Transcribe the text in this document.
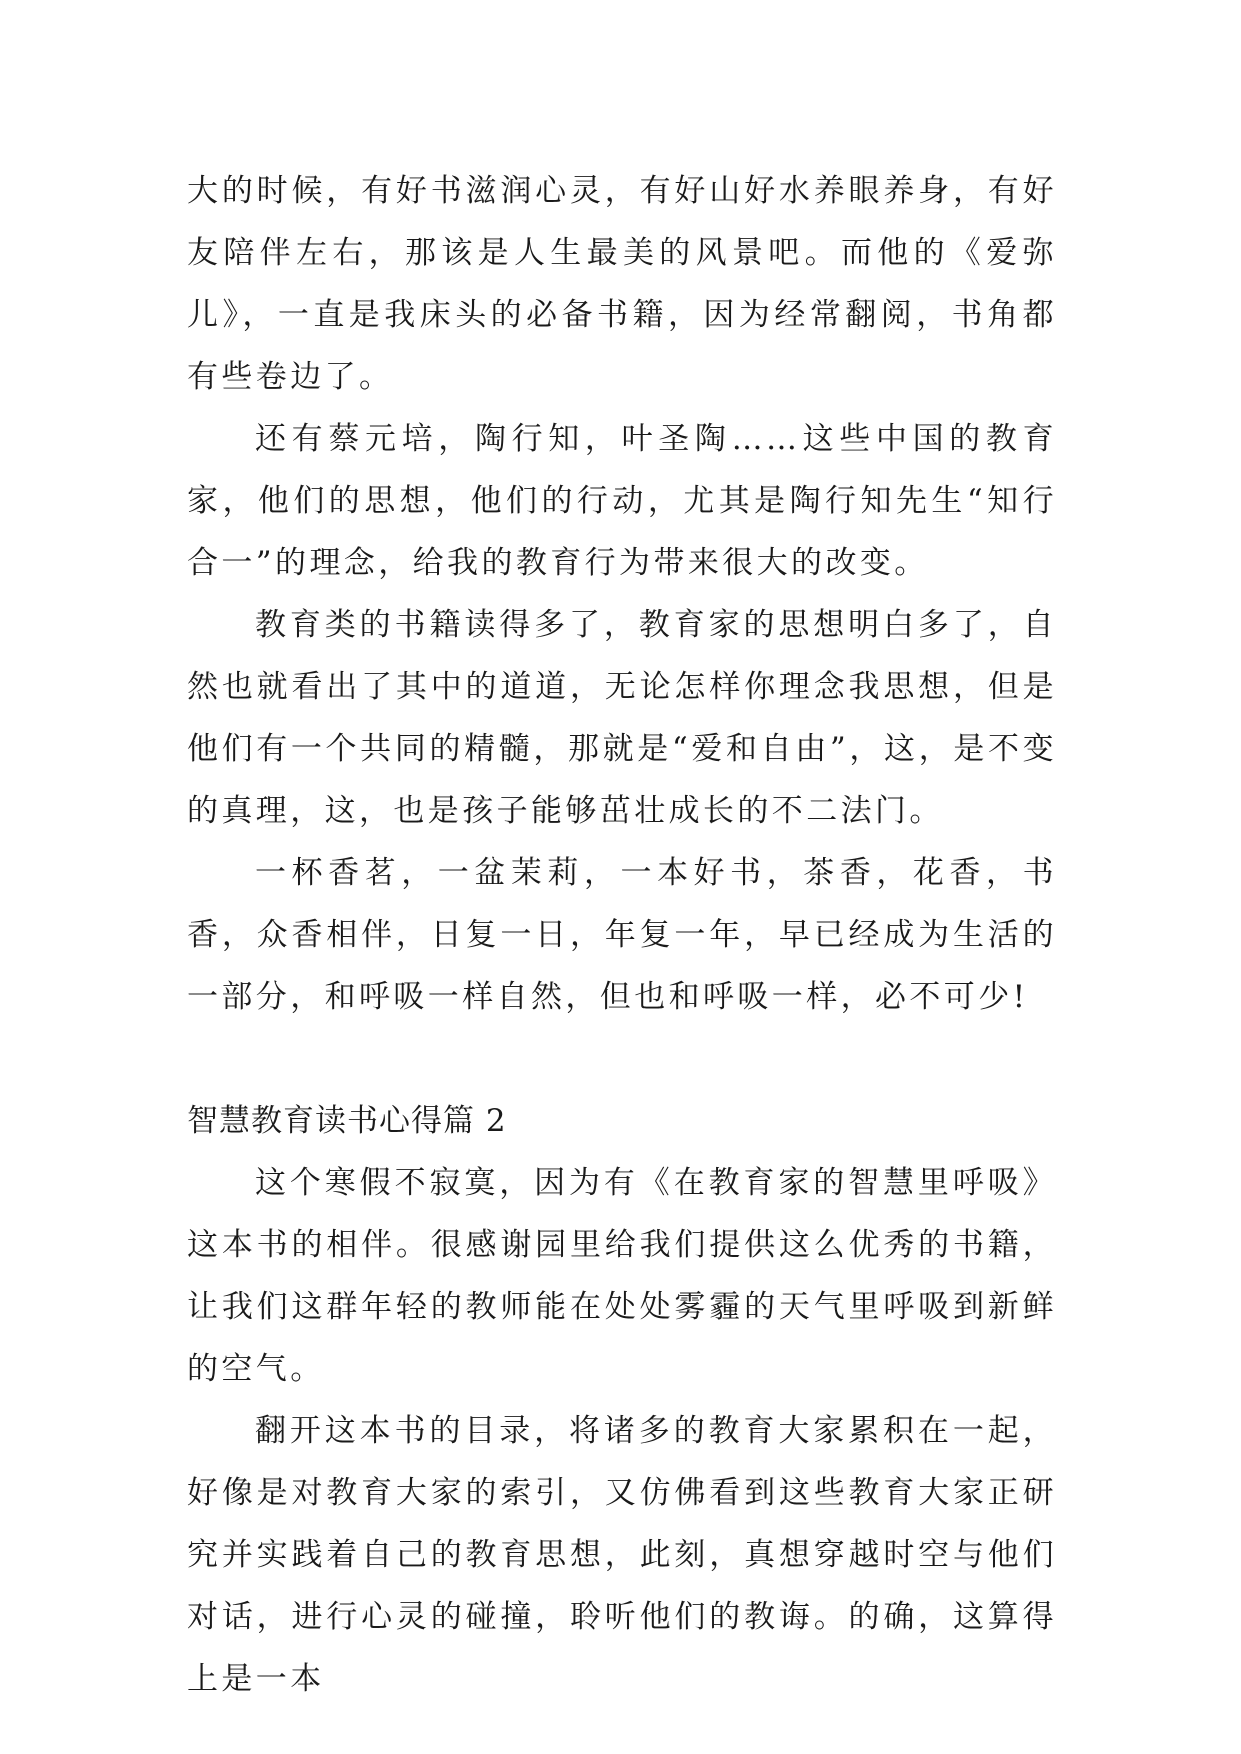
大的时候，有好书滋润心灵，有好山好水养眼养身，有好友陪伴左右，那该是人生最美的风景吧。而他的《爱弥儿》，一直是我床头的必备书籍，因为经常翻阅，书角都有些卷边了。

还有蔡元培，陶行知，叶圣陶……这些中国的教育家，他们的思想，他们的行动，尤其是陶行知先生“知行合一”的理念，给我的教育行为带来很大的改变。

教育类的书籍读得多了，教育家的思想明白多了，自然也就看出了其中的道道，无论怎样你理念我思想，但是他们有一个共同的精髓，那就是“爱和自由”，这，是不变的真理，这，也是孩子能够茁壮成长的不二法门。

一杯香茗，一盆茉莉，一本好书，茶香，花香，书香，众香相伴，日复一日，年复一年，早已经成为生活的一部分，和呼吸一样自然，但也和呼吸一样，必不可少!

智慧教育读书心得篇 2

这个寒假不寂寞，因为有《在教育家的智慧里呼吸》这本书的相伴。很感谢园里给我们提供这么优秀的书籍，让我们这群年轻的教师能在处处雾霾的天气里呼吸到新鲜的空气。

翻开这本书的目录，将诸多的教育大家累积在一起，好像是对教育大家的索引，又仿佛看到这些教育大家正研究并实践着自己的教育思想，此刻，真想穿越时空与他们对话，进行心灵的碰撞，聆听他们的教诲。的确，这算得上是一本
